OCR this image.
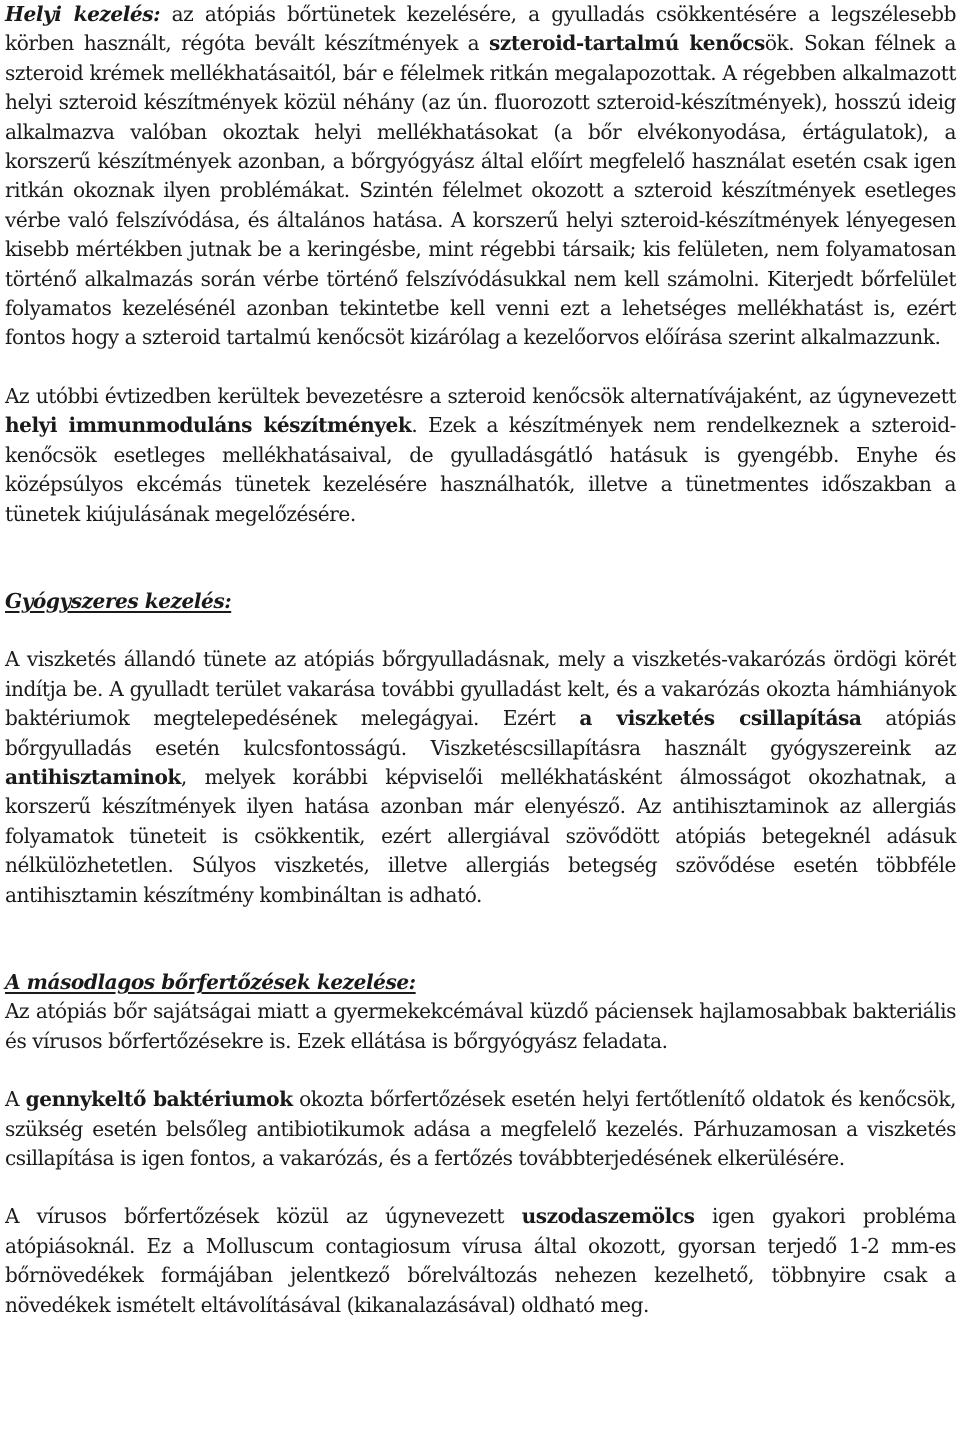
Helyi kezelés: az atópiás bőrtünetek kezelésére, a gyulladás csökkentésére a legszélesebb körben használt, régóta bevált készítmények a szteroid-tartalmú kenőcsök. Sokan félnek a szteroid krémek mellékhatásaitól, bár e félelmek ritkán megalapozottak. A régebben alkalmazott helyi szteroid készítmények közül néhány (az ún. fluorozott szteroid-készítmények), hosszú ideig alkalmazva valóban okoztak helyi mellékhatásokat (a bőr elvékonyodása, értágulatok), a korszerű készítmények azonban, a bőrgyógyász által előírt megfelelő használat esetén csak igen ritkán okoznak ilyen problémákat. Szintén félelmet okozott a szteroid készítmények esetleges vérbe való felszívódása, és általános hatása. A korszerű helyi szteroid-készítmények lényegesen kisebb mértékben jutnak be a keringésbe, mint régebbi társaik; kis felületen, nem folyamatosan történő alkalmazás során vérbe történő felszívódásukkal nem kell számolni. Kiterjedt bőrfelület folyamatos kezelésénél azonban tekintetbe kell venni ezt a lehetséges mellékhatást is, ezért fontos hogy a szteroid tartalmú kenőcsöt kizárólag a kezelőorvos előírása szerint alkalmazzunk.

Az utóbbi évtizedben kerültek bevezetésre a szteroid kenőcsök alternatívájaként, az úgynevezett helyi immunmoduláns készítmények. Ezek a készítmények nem rendelkeznek a szteroid-kenőcsök esetleges mellékhatásaival, de gyulladásgátló hatásuk is gyengébb. Enyhe és középsúlyos ekcémás tünetek kezelésére használhatók, illetve a tünetmentes időszakban a tünetek kiújulásának megelőzésére.

Gyógyszeres kezelés:

A viszketés állandó tünete az atópiás bőrgyulladásnak, mely a viszketés-vakarózás ördögi körét indítja be. A gyulladt terület vakarása további gyulladást kelt, és a vakarózás okozta hámhiányok baktériumok megtelepedésének melegágyai. Ezért a viszketés csillapítása atópiás bőrgyulladás esetén kulcsfontosságú. Viszketéscsillapításra használt gyógyszereink az antihisztaminok, melyek korábbi képviselői mellékhatásként álmosságot okozhatnak, a korszerű készítmények ilyen hatása azonban már elenyésző. Az antihisztaminok az allergiás folyamatok tüneteit is csökkentik, ezért allergiával szövődött atópiás betegeknél adásuk nélkülözhetetlen. Súlyos viszketés, illetve allergiás betegség szövődése esetén többféle antihisztamin készítmény kombináltan is adható.

A másodlagos bőrfertőzések kezelése:

Az atópiás bőr sajátságai miatt a gyermekekcémával küzdő páciensek hajlamosabbak bakteriális és vírusos bőrfertőzésekre is. Ezek ellátása is bőrgyógyász feladata.

A gennykeltő baktériumok okozta bőrfertőzések esetén helyi fertőtlenítő oldatok és kenőcsök, szükség esetén belsőleg antibiotikumok adása a megfelelő kezelés. Párhuzamosan a viszketés csillapítása is igen fontos, a vakarózás, és a fertőzés továbbterjedésének elkerülésére.

A vírusos bőrfertőzések közül az úgynevezett uszodaszemölcs igen gyakori probléma atópiásoknál. Ez a Molluscum contagiosum vírusa által okozott, gyorsan terjedő 1-2 mm-es bőrnövedékek formájában jelentkező bőrelváltozás nehezen kezelhető, többnyire csak a növedékek ismételt eltávolításával (kikanalazásával) oldható meg.
